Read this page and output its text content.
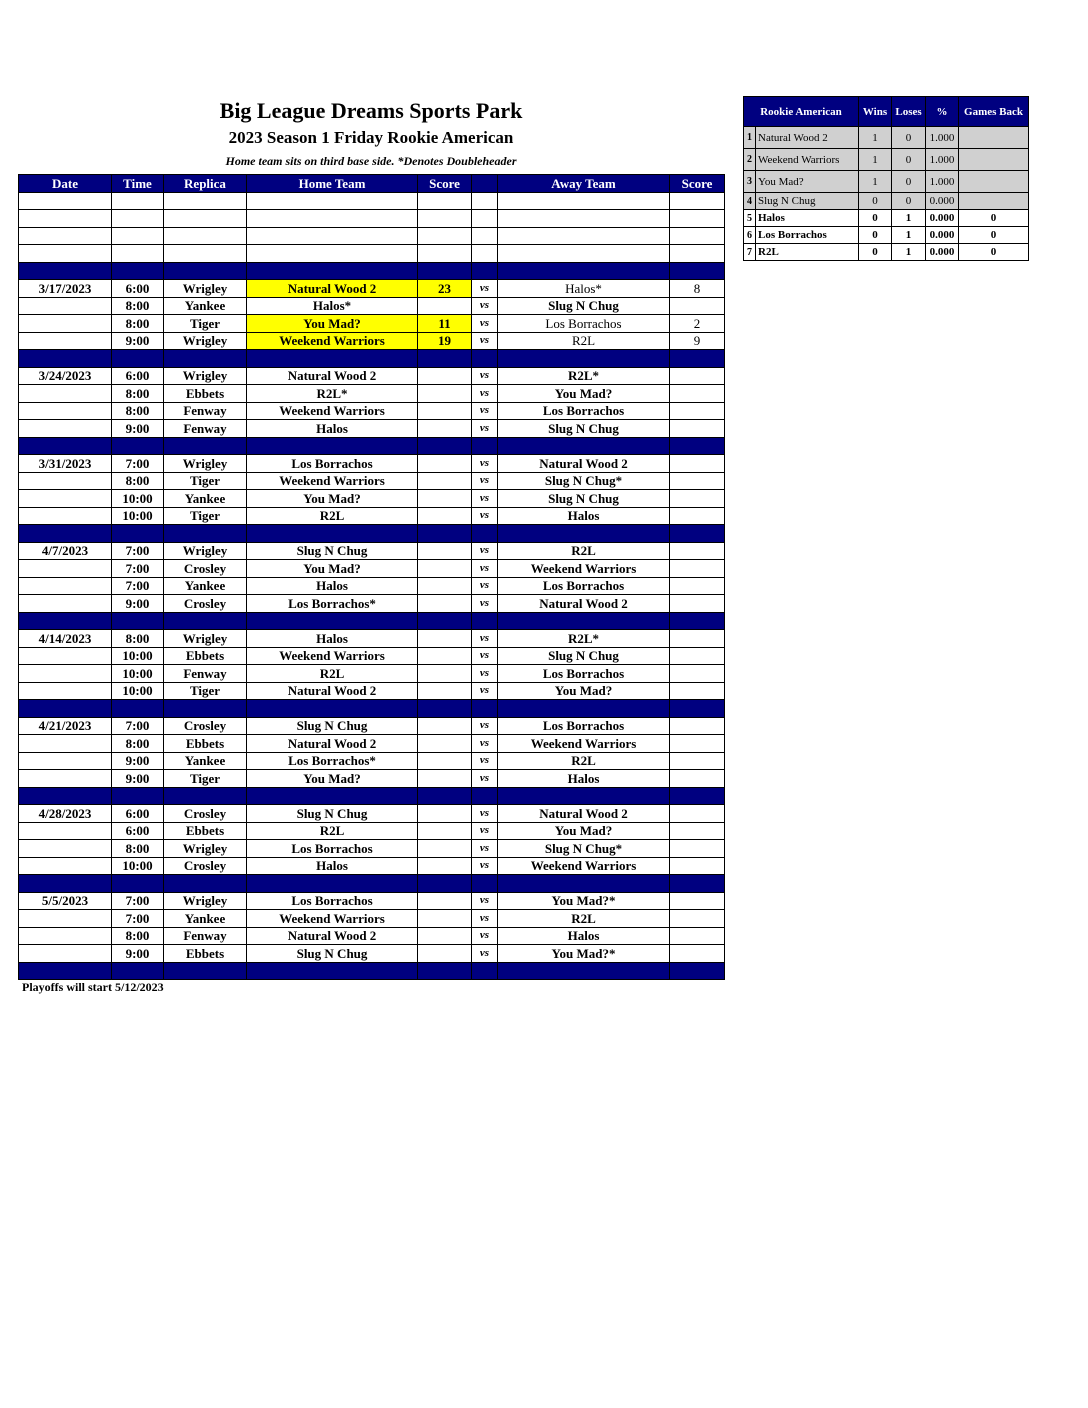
Big League Dreams Sports Park
2023 Season 1 Friday Rookie American
Home team sits on third base side. *Denotes Doubleheader
Date	Time	Replica	Home Team	Score		Away Team	Score

3/17/2023	6:00	Wrigley	Natural Wood 2	23	vs	Halos*	8
	8:00	Yankee	Halos*		vs	Slug N Chug	
	8:00	Tiger	You Mad?	11	vs	Los Borrachos	2
	9:00	Wrigley	Weekend Warriors	19	vs	R2L	9

3/24/2023	6:00	Wrigley	Natural Wood 2		vs	R2L*	
	8:00	Ebbets	R2L*		vs	You Mad?	
	8:00	Fenway	Weekend Warriors		vs	Los Borrachos	
	9:00	Fenway	Halos		vs	Slug N Chug	

3/31/2023	7:00	Wrigley	Los Borrachos		vs	Natural Wood 2	
	8:00	Tiger	Weekend Warriors		vs	Slug N Chug*	
	10:00	Yankee	You Mad?		vs	Slug N Chug	
	10:00	Tiger	R2L		vs	Halos	

4/7/2023	7:00	Wrigley	Slug N Chug		vs	R2L	
	7:00	Crosley	You Mad?		vs	Weekend Warriors	
	7:00	Yankee	Halos		vs	Los Borrachos	
	9:00	Crosley	Los Borrachos*		vs	Natural Wood 2	

4/14/2023	8:00	Wrigley	Halos		vs	R2L*	
	10:00	Ebbets	Weekend Warriors		vs	Slug N Chug	
	10:00	Fenway	R2L		vs	Los Borrachos	
	10:00	Tiger	Natural Wood 2		vs	You Mad?	

4/21/2023	7:00	Crosley	Slug N Chug		vs	Los Borrachos	
	8:00	Ebbets	Natural Wood 2		vs	Weekend Warriors	
	9:00	Yankee	Los Borrachos*		vs	R2L	
	9:00	Tiger	You Mad?		vs	Halos	

4/28/2023	6:00	Crosley	Slug N Chug		vs	Natural Wood 2	
	6:00	Ebbets	R2L		vs	You Mad?	
	8:00	Wrigley	Los Borrachos		vs	Slug N Chug*	
	10:00	Crosley	Halos		vs	Weekend Warriors	

5/5/2023	7:00	Wrigley	Los Borrachos		vs	You Mad?*	
	7:00	Yankee	Weekend Warriors		vs	R2L	
	8:00	Fenway	Natural Wood 2		vs	Halos	
	9:00	Ebbets	Slug N Chug		vs	You Mad?*	

Playoffs will start 5/12/2023
Rookie American		Wins	Loses	%	Games Back
1	Natural Wood 2	1	0	1.000	
2	Weekend Warriors	1	0	1.000	
3	You Mad?	1	0	1.000	
4	Slug N Chug	0	0	0.000	
5	Halos	0	1	0.000	0
6	Los Borrachos	0	1	0.000	0
7	R2L	0	1	0.000	0
